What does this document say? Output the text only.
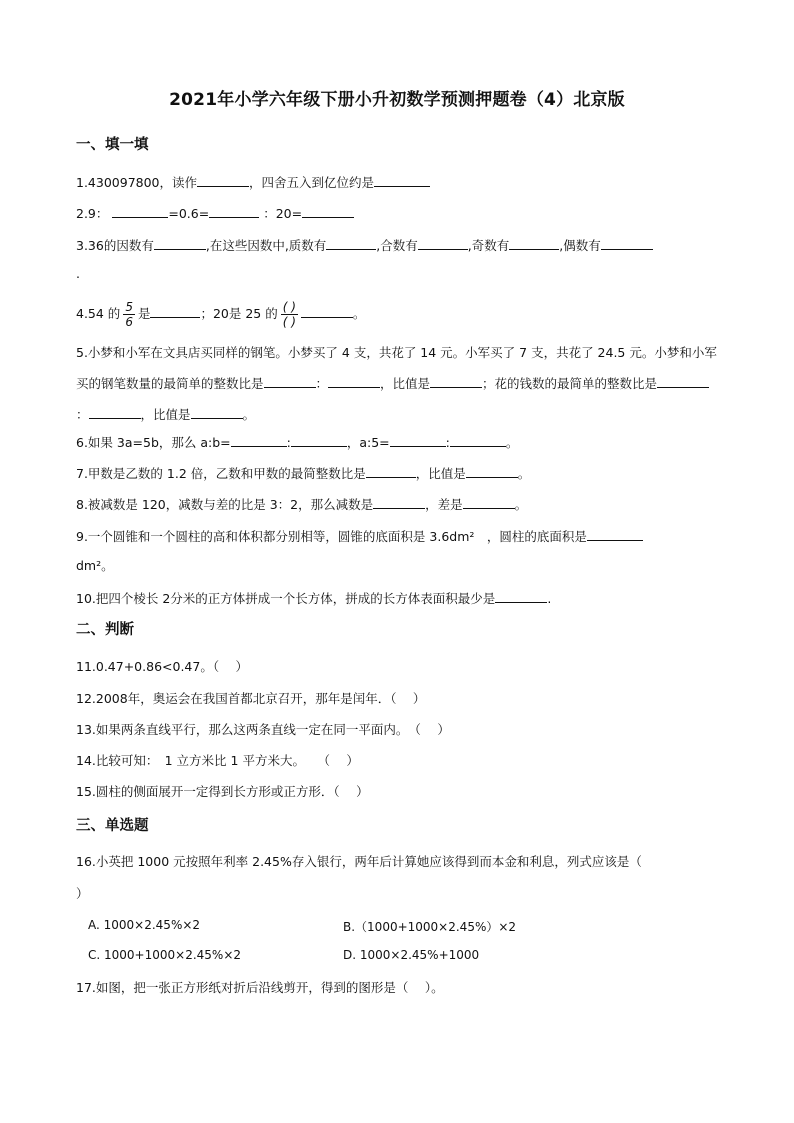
2021年小学六年级下册小升初数学预测押题卷（4）北京版
一、填一填
1.430097800，读作	，四舍五入到亿位约是
2.9：	=0.6=	：20=
3.36的因数有	,在这些因数中,质数有	,合数有	,奇数有	,偶数有
.
4.54 的 $\frac{5}{6}$ 是	；20是 25 的 $\frac{( )}{( )}$	。
5.小梦和小军在文具店买同样的钢笔。小梦买了 4 支，共花了 14 元。小军买了 7 支，共花了 24.5 元。小梦和小军买的钢笔数量的最简单的整数比是	：	，比值是	；花的钱数的最简单的整数比是：	，比值是	。
6.如果 3a=5b，那么 a:b=	:	，a:5=	:	。
7.甲数是乙数的 1.2 倍，乙数和甲数的最简整数比是	，比值是	。
8.被减数是 120，减数与差的比是 3：2，那么减数是	，差是	。
9.一个圆锥和一个圆柱的高和体积都分别相等，圆锥的底面积是 3.6dm²　，圆柱的底面积是
dm²。
10.把四个棱长 2分米的正方体拼成一个长方体，拼成的长方体表面积最少是	.
二、判断
11.0.47+0.86<0.47。（　 ）
12.2008年，奥运会在我国首都北京召开，那年是闰年．（　 ）
13.如果两条直线平行，那么这两条直线一定在同一平面内。　（　 ）
14.比较可知：　1 立方米比 1 平方米大。　　（　 ）
15.圆柱的侧面展开一定得到长方形或正方形．（　 ）
三、单选题
16.小英把 1000 元按照年利率 2.45%存入银行，两年后计算她应该得到而本金和利息，列式应该是（
）
A. 1000×2.45%×2	B.（1000+1000×2.45%）×2
C. 1000+1000×2.45%×2	D. 1000×2.45%+1000
17.如图，把一张正方形纸对折后沿线剪开，得到的图形是（　 ）。
